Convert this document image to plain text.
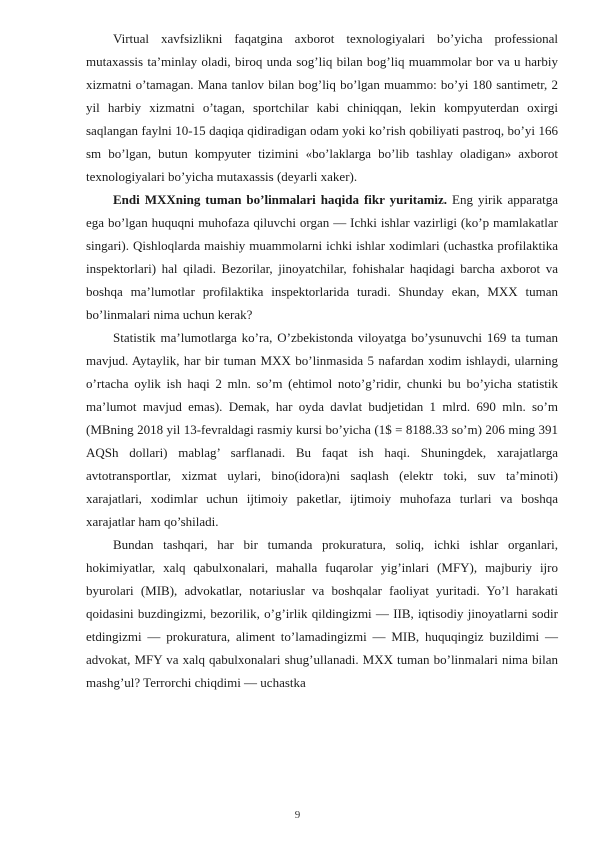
Virtual xavfsizlikni faqatgina axborot texnologiyalari bo’yicha professional mutaxassis ta’minlay oladi, biroq unda sog’liq bilan bog’liq muammolar bor va u harbiy xizmatni o’tamagan. Mana tanlov bilan bog’liq bo’lgan muammo: bo’yi 180 santimetr, 2 yil harbiy xizmatni o’tagan, sportchilar kabi chiniqqan, lekin kompyuterdan oxirgi saqlangan faylni 10-15 daqiqa qidiradigan odam yoki ko’rish qobiliyati pastroq, bo’yi 166 sm bo’lgan, butun kompyuter tizimini «bo’laklarga bo’lib tashlay oladigan» axborot texnologiyalari bo’yicha mutaxassis (deyarli xaker).

Endi MXXning tuman bo’linmalari haqida fikr yuritamiz. Eng yirik apparatga ega bo’lgan huquqni muhofaza qiluvchi organ — Ichki ishlar vazirligi (ko’p mamlakatlar singari). Qishloqlarda maishiy muammolarni ichki ishlar xodimlari (uchastka profilaktika inspektorlari) hal qiladi. Bezorilar, jinoyatchilar, fohishalar haqidagi barcha axborot va boshqa ma’lumotlar profilaktika inspektorlarida turadi. Shunday ekan, MXX tuman bo’linmalari nima uchun kerak?

Statistik ma’lumotlarga ko’ra, O’zbekistonda viloyatga bo’ysunuvchi 169 ta tuman mavjud. Aytaylik, har bir tuman MXX bo’linmasida 5 nafardan xodim ishlaydi, ularning o’rtacha oylik ish haqi 2 mln. so’m (ehtimol noto’g’ridir, chunki bu bo’yicha statistik ma’lumot mavjud emas). Demak, har oyda davlat budjetidan 1 mlrd. 690 mln. so’m (MBning 2018 yil 13-fevraldagi rasmiy kursi bo’yicha (1$ = 8188.33 so’m) 206 ming 391 AQSh dollari) mablag’ sarflanadi. Bu faqat ish haqi. Shuningdek, xarajatlarga avtotransportlar, xizmat uylari, bino(idora)ni saqlash (elektr toki, suv ta’minoti) xarajatlari, xodimlar uchun ijtimoiy paketlar, ijtimoiy muhofaza turlari va boshqa xarajatlar ham qo’shiladi.

Bundan tashqari, har bir tumanda prokuratura, soliq, ichki ishlar organlari, hokimiyatlar, xalq qabulxonalari, mahalla fuqarolar yig’inlari (MFY), majburiy ijro byurolari (MIB), advokatlar, notariuslar va boshqalar faoliyat yuritadi. Yo’l harakati qoidasini buzdingizmi, bezorilik, o’g’irlik qildingizmi — IIB, iqtisodiy jinoyatlarni sodir etdingizmi — prokuratura, aliment to’lamadingizmi — MIB, huquqingiz buzildimi — advokat, MFY va xalq qabulxonalari shug’ullanadi. MXX tuman bo’linmalari nima bilan mashg’ul? Terrorchi chiqdimi — uchastka

9
